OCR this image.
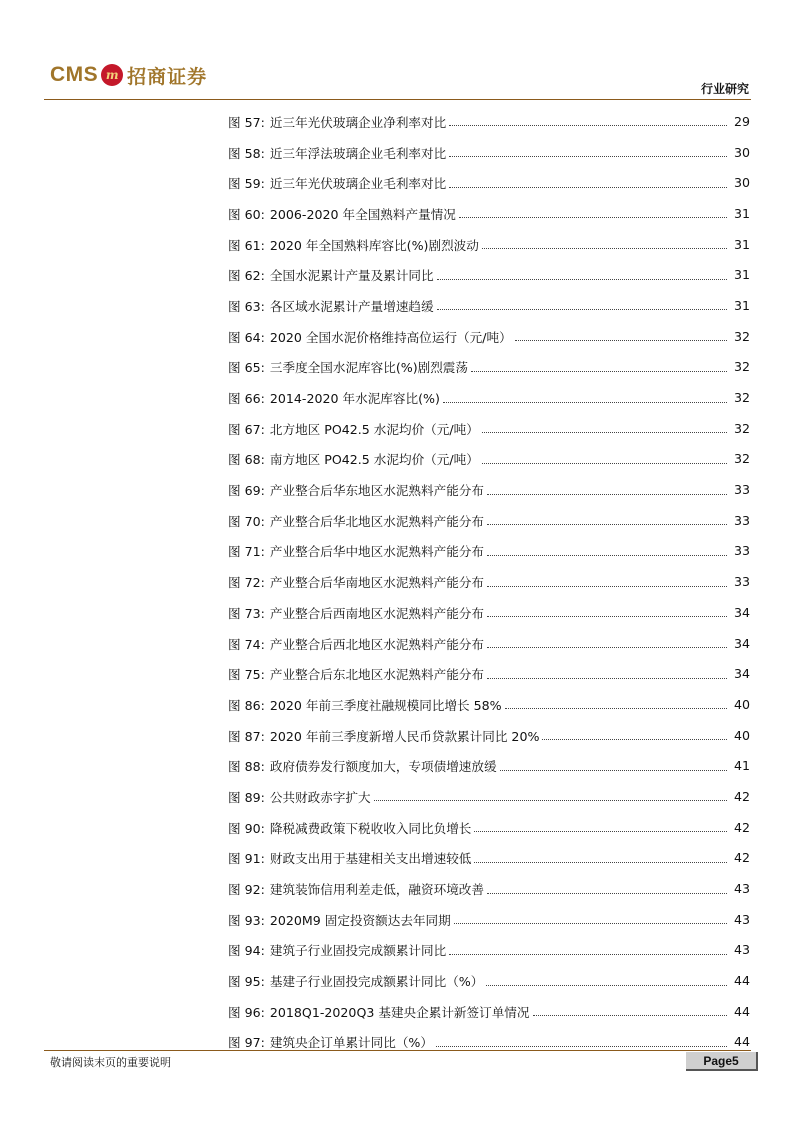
CMS m 招商证券
行业研究
图 57: 近三年光伏玻璃企业净利率对比	29
图 58: 近三年浮法玻璃企业毛利率对比	30
图 59: 近三年光伏玻璃企业毛利率对比	30
图 60: 2006-2020 年全国熟料产量情况	31
图 61: 2020 年全国熟料库容比(%)剧烈波动	31
图 62: 全国水泥累计产量及累计同比	31
图 63: 各区域水泥累计产量增速趋缓	31
图 64: 2020 全国水泥价格维持高位运行（元/吨）	32
图 65: 三季度全国水泥库容比(%)剧烈震荡	32
图 66: 2014-2020 年水泥库容比(%)	32
图 67: 北方地区 PO42.5 水泥均价（元/吨）	32
图 68: 南方地区 PO42.5 水泥均价（元/吨）	32
图 69: 产业整合后华东地区水泥熟料产能分布	33
图 70: 产业整合后华北地区水泥熟料产能分布	33
图 71: 产业整合后华中地区水泥熟料产能分布	33
图 72: 产业整合后华南地区水泥熟料产能分布	33
图 73: 产业整合后西南地区水泥熟料产能分布	34
图 74: 产业整合后西北地区水泥熟料产能分布	34
图 75: 产业整合后东北地区水泥熟料产能分布	34
图 86: 2020 年前三季度社融规模同比增长 58%	40
图 87: 2020 年前三季度新增人民币贷款累计同比 20%	40
图 88: 政府债券发行额度加大，专项债增速放缓	41
图 89: 公共财政赤字扩大	42
图 90: 降税减费政策下税收收入同比负增长	42
图 91: 财政支出用于基建相关支出增速较低	42
图 92: 建筑装饰信用利差走低，融资环境改善	43
图 93: 2020M9 固定投资额达去年同期	43
图 94: 建筑子行业固投完成额累计同比	43
图 95: 基建子行业固投完成额累计同比（%）	44
图 96: 2018Q1-2020Q3 基建央企累计新签订单情况	44
图 97: 建筑央企订单累计同比（%）	44
敬请阅读末页的重要说明	Page5
